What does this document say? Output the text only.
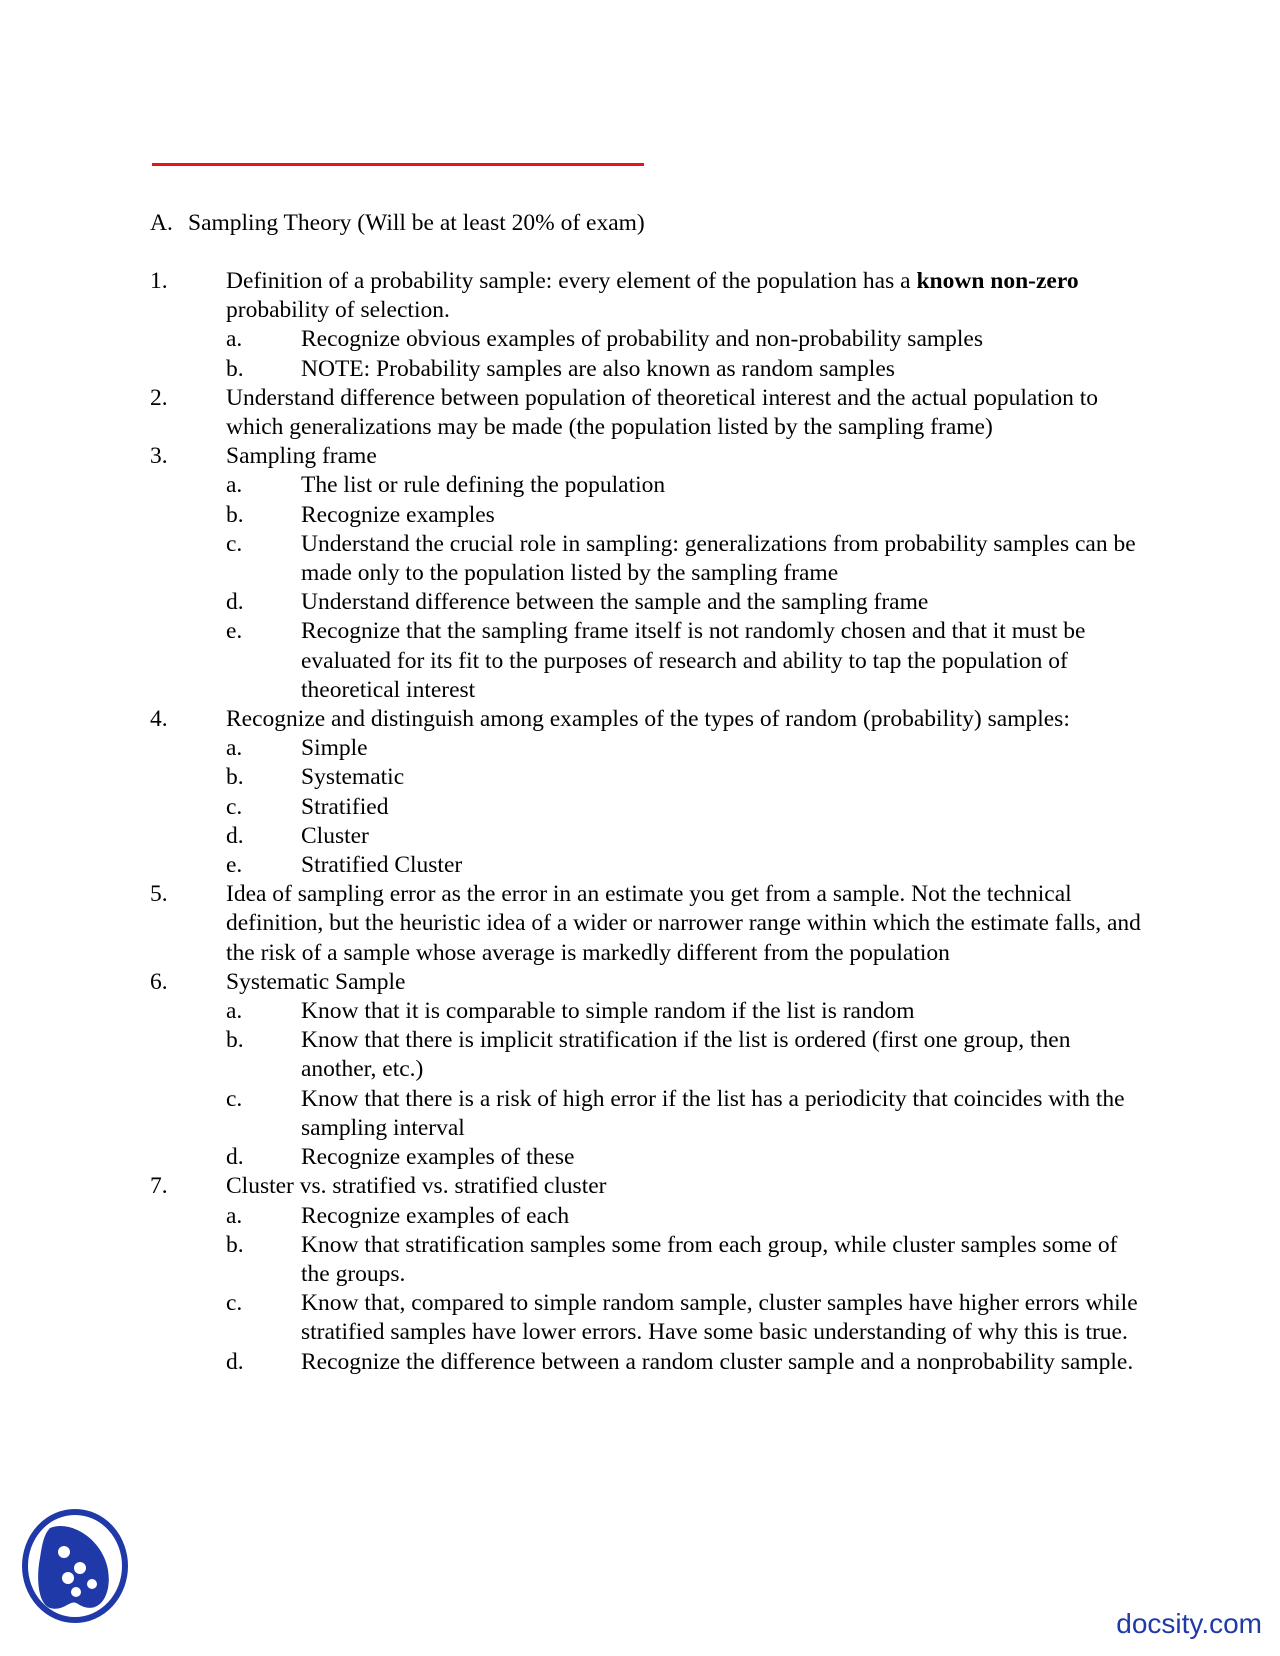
A. Sampling Theory (Will be at least 20% of exam)
1.	Definition of a probability sample: every element of the population has a known non-zero probability of selection.
a.	Recognize obvious examples of probability and non-probability samples
b.	NOTE: Probability samples are also known as random samples
2.	Understand difference between population of theoretical interest and the actual population to which generalizations may be made (the population listed by the sampling frame)
3.	Sampling frame
a.	The list or rule defining the population
b.	Recognize examples
c.	Understand the crucial role in sampling: generalizations from probability samples can be made only to the population listed by the sampling frame
d.	Understand difference between the sample and the sampling frame
e.	Recognize that the sampling frame itself is not randomly chosen and that it must be evaluated for its fit to the purposes of research and ability to tap the population of theoretical interest
4.	Recognize and distinguish among examples of the types of random (probability) samples:
a.	Simple
b.	Systematic
c.	Stratified
d.	Cluster
e.	Stratified Cluster
5.	Idea of sampling error as the error in an estimate you get from a sample. Not the technical definition, but the heuristic idea of a wider or narrower range within which the estimate falls, and the risk of a sample whose average is markedly different from the population
6.	Systematic Sample
a.	Know that it is comparable to simple random if the list is random
b.	Know that there is implicit stratification if the list is ordered (first one group, then another, etc.)
c.	Know that there is a risk of high error if the list has a periodicity that coincides with the sampling interval
d.	Recognize examples of these
7.	Cluster vs. stratified vs. stratified cluster
a.	Recognize examples of each
b.	Know that stratification samples some from each group, while cluster samples some of the groups.
c.	Know that, compared to simple random sample, cluster samples have higher errors while stratified samples have lower errors. Have some basic understanding of why this is true.
d.	Recognize the difference between a random cluster sample and a nonprobability sample.
docsity.com
